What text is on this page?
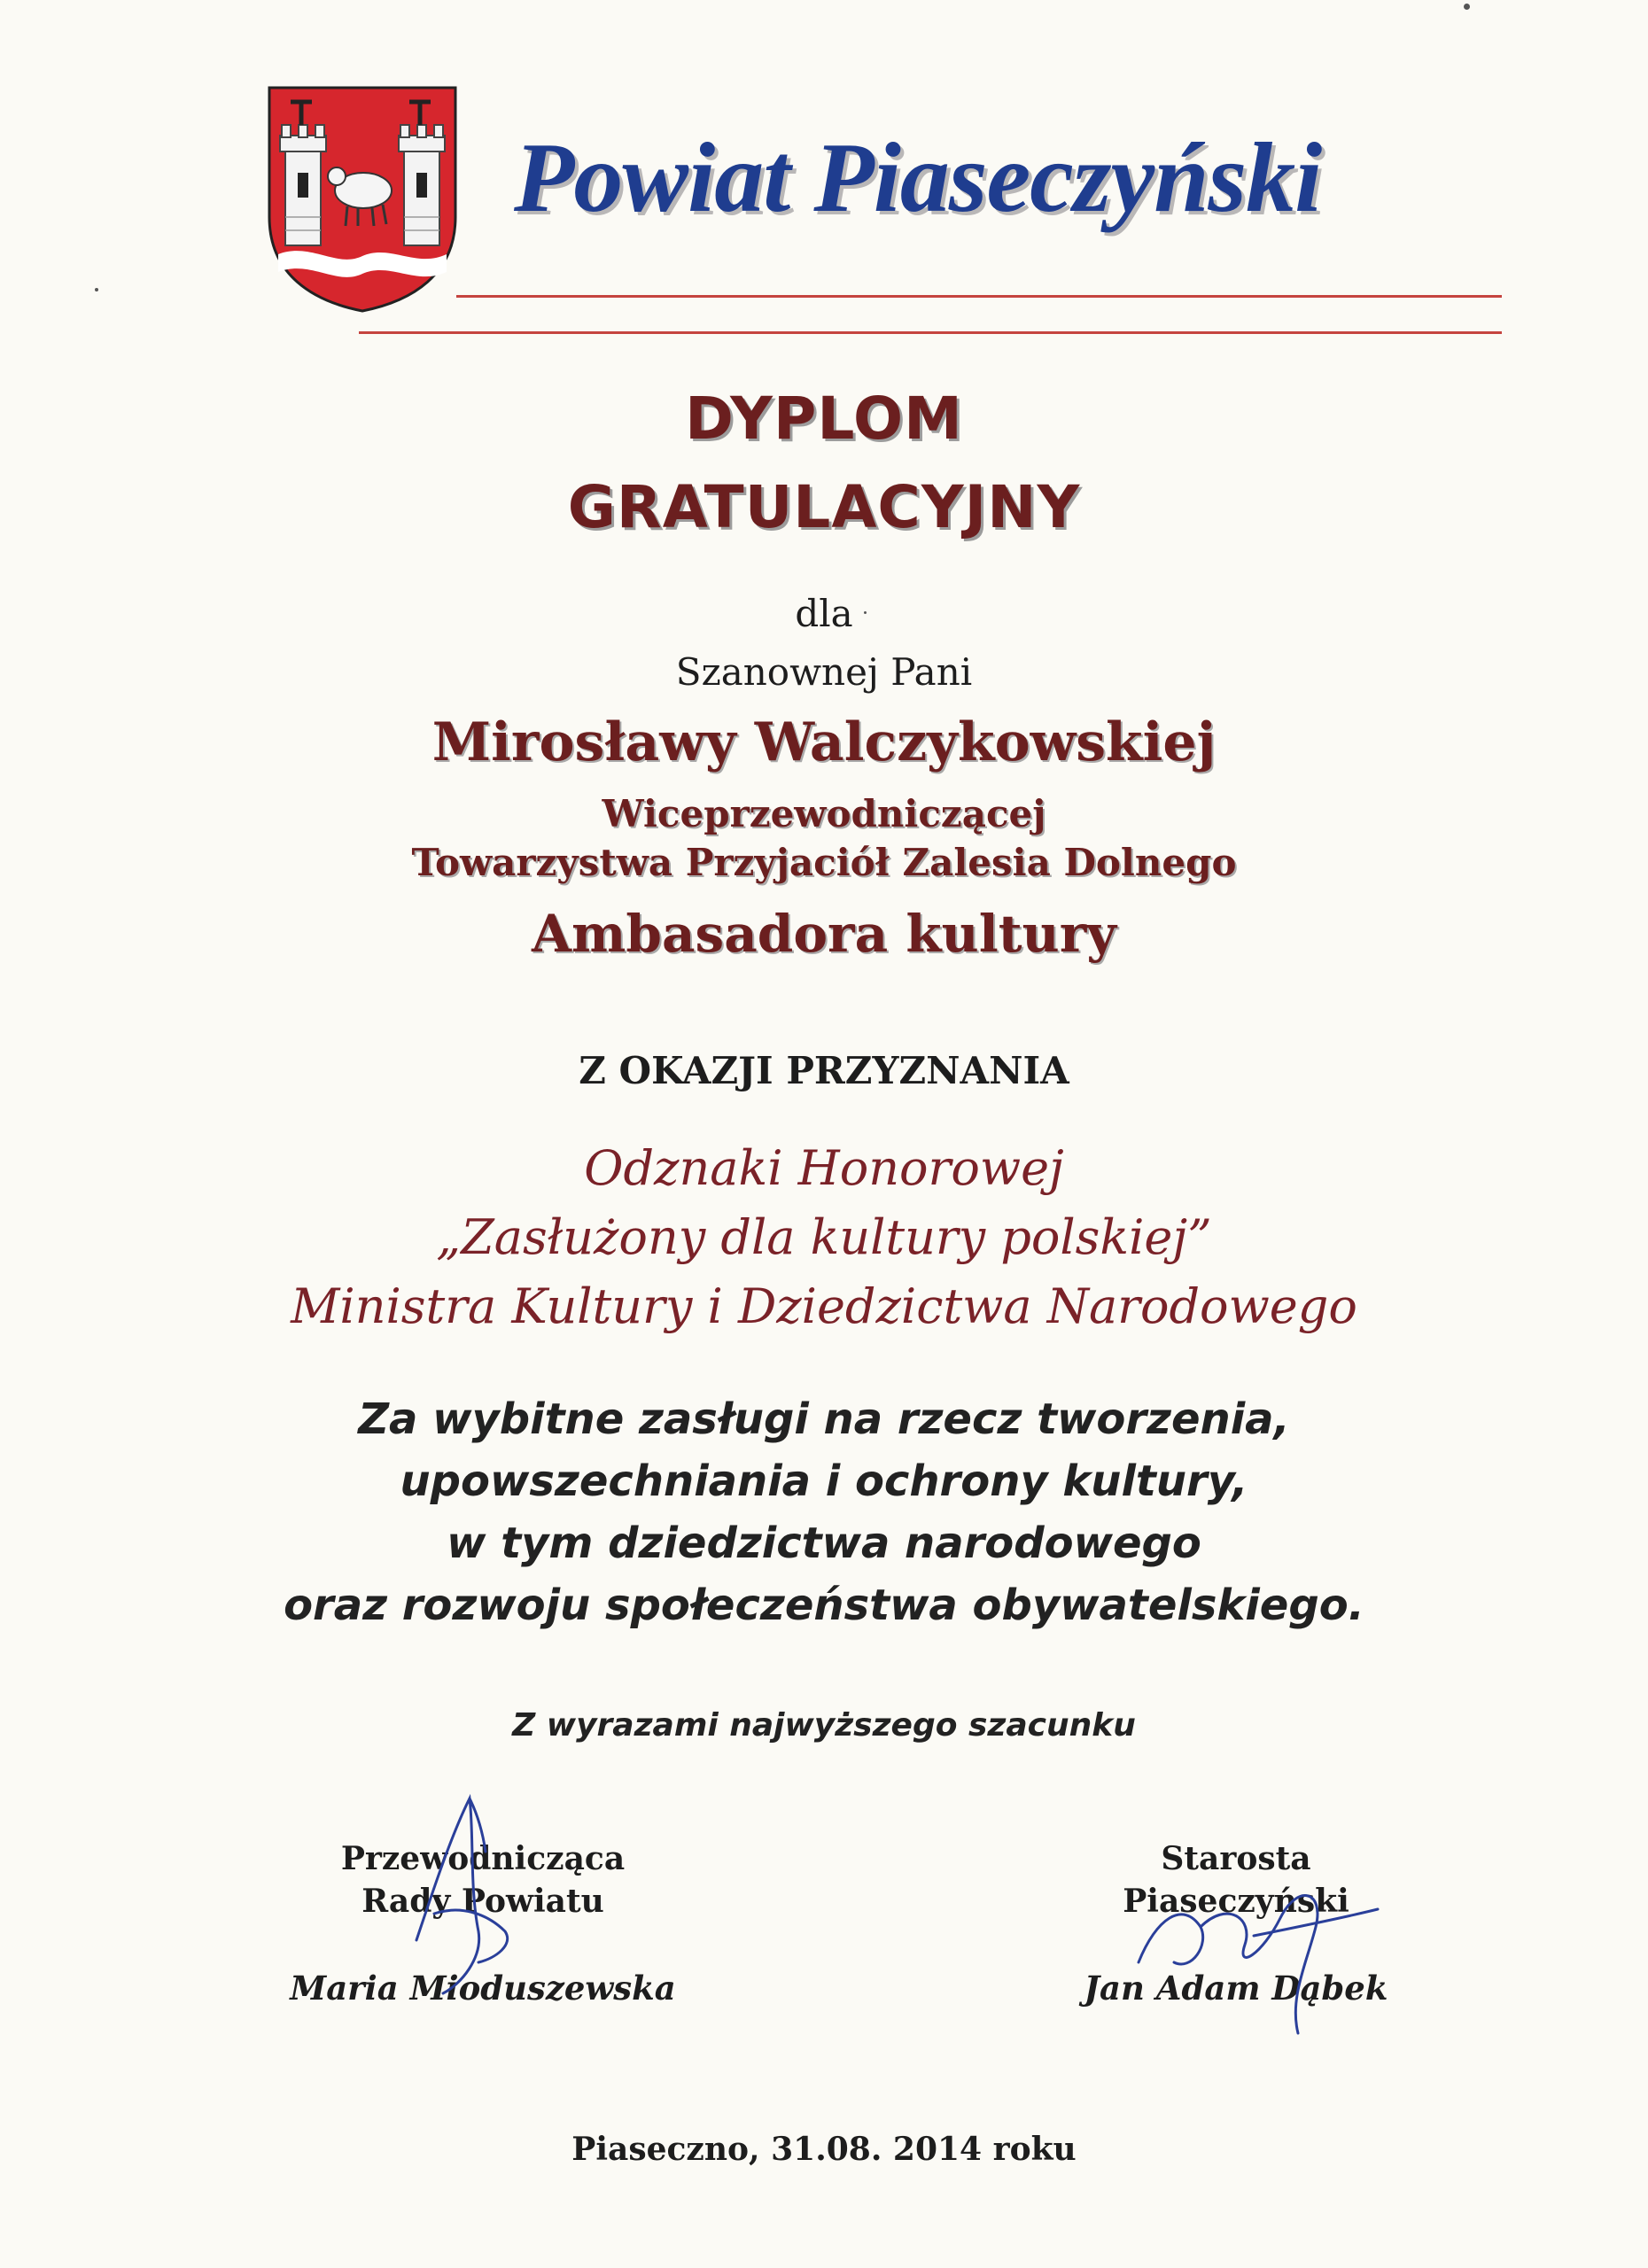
Powiat Piaseczyński
DYPLOM
GRATULACYJNY
dla
Szanownej Pani
Mirosławy Walczykowskiej
Wiceprzewodniczącej
Towarzystwa Przyjaciół Zalesia Dolnego
Ambasadora kultury
Z OKAZJI PRZYZNANIA
Odznaki Honorowej
„Zasłużony dla kultury polskiej”
Ministra Kultury i Dziedzictwa Narodowego
Za wybitne zasługi na rzecz tworzenia,
upowszechniania i ochrony kultury,
w tym dziedzictwa narodowego
oraz rozwoju społeczeństwa obywatelskiego.
Z wyrazami najwyższego szacunku
Przewodnicząca
Rady Powiatu
Maria Mioduszewska
Starosta
Piaseczyński
Jan Adam Dąbek
Piaseczno, 31.08. 2014 roku
